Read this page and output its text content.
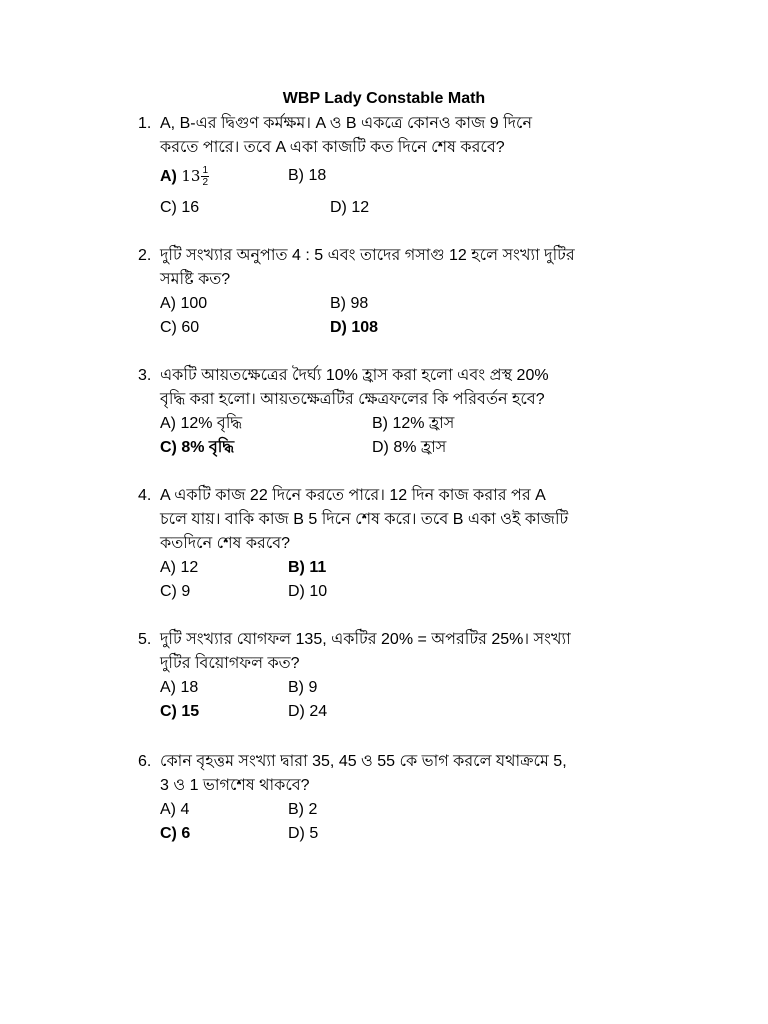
WBP Lady Constable Math
1. A, B-এর দ্বিগুণ কর্মক্ষম। A ও B একত্রে কোনও কাজ 9 দিনে
করতে পারে। তবে A একা কাজটি কত দিনে শেষ করবে?
A) $13 \frac{1}{2}$	B) 18
C) 16	D) 12
2. দুটি সংখ্যার অনুপাত 4 : 5 এবং তাদের গসাগু 12 হলে সংখ্যা দুটির
সমষ্টি কত?
A) 100	B) 98
C) 60	D) 108
3. একটি আয়তক্ষেত্রের দৈর্ঘ্য 10% হ্রাস করা হলো এবং প্রস্থ 20%
বৃদ্ধি করা হলো। আয়তক্ষেত্রটির ক্ষেত্রফলের কি পরিবর্তন হবে?
A) 12% বৃদ্ধি	B) 12% হ্রাস
C) 8% বৃদ্ধি	D) 8% হ্রাস
4. A একটি কাজ 22 দিনে করতে পারে। 12 দিন কাজ করার পর A
চলে যায়। বাকি কাজ B 5 দিনে শেষ করে। তবে B একা ওই কাজটি
কতদিনে শেষ করবে?
A) 12	B) 11
C) 9	D) 10
5. দুটি সংখ্যার যোগফল 135, একটির 20% = অপরটির 25%। সংখ্যা
দুটির বিয়োগফল কত?
A) 18	B) 9
C) 15	D) 24
6. কোন বৃহত্তম সংখ্যা দ্বারা 35, 45 ও 55 কে ভাগ করলে যথাক্রমে 5,
3 ও 1 ভাগশেষ থাকবে?
A) 4	B) 2
C) 6	D) 5
